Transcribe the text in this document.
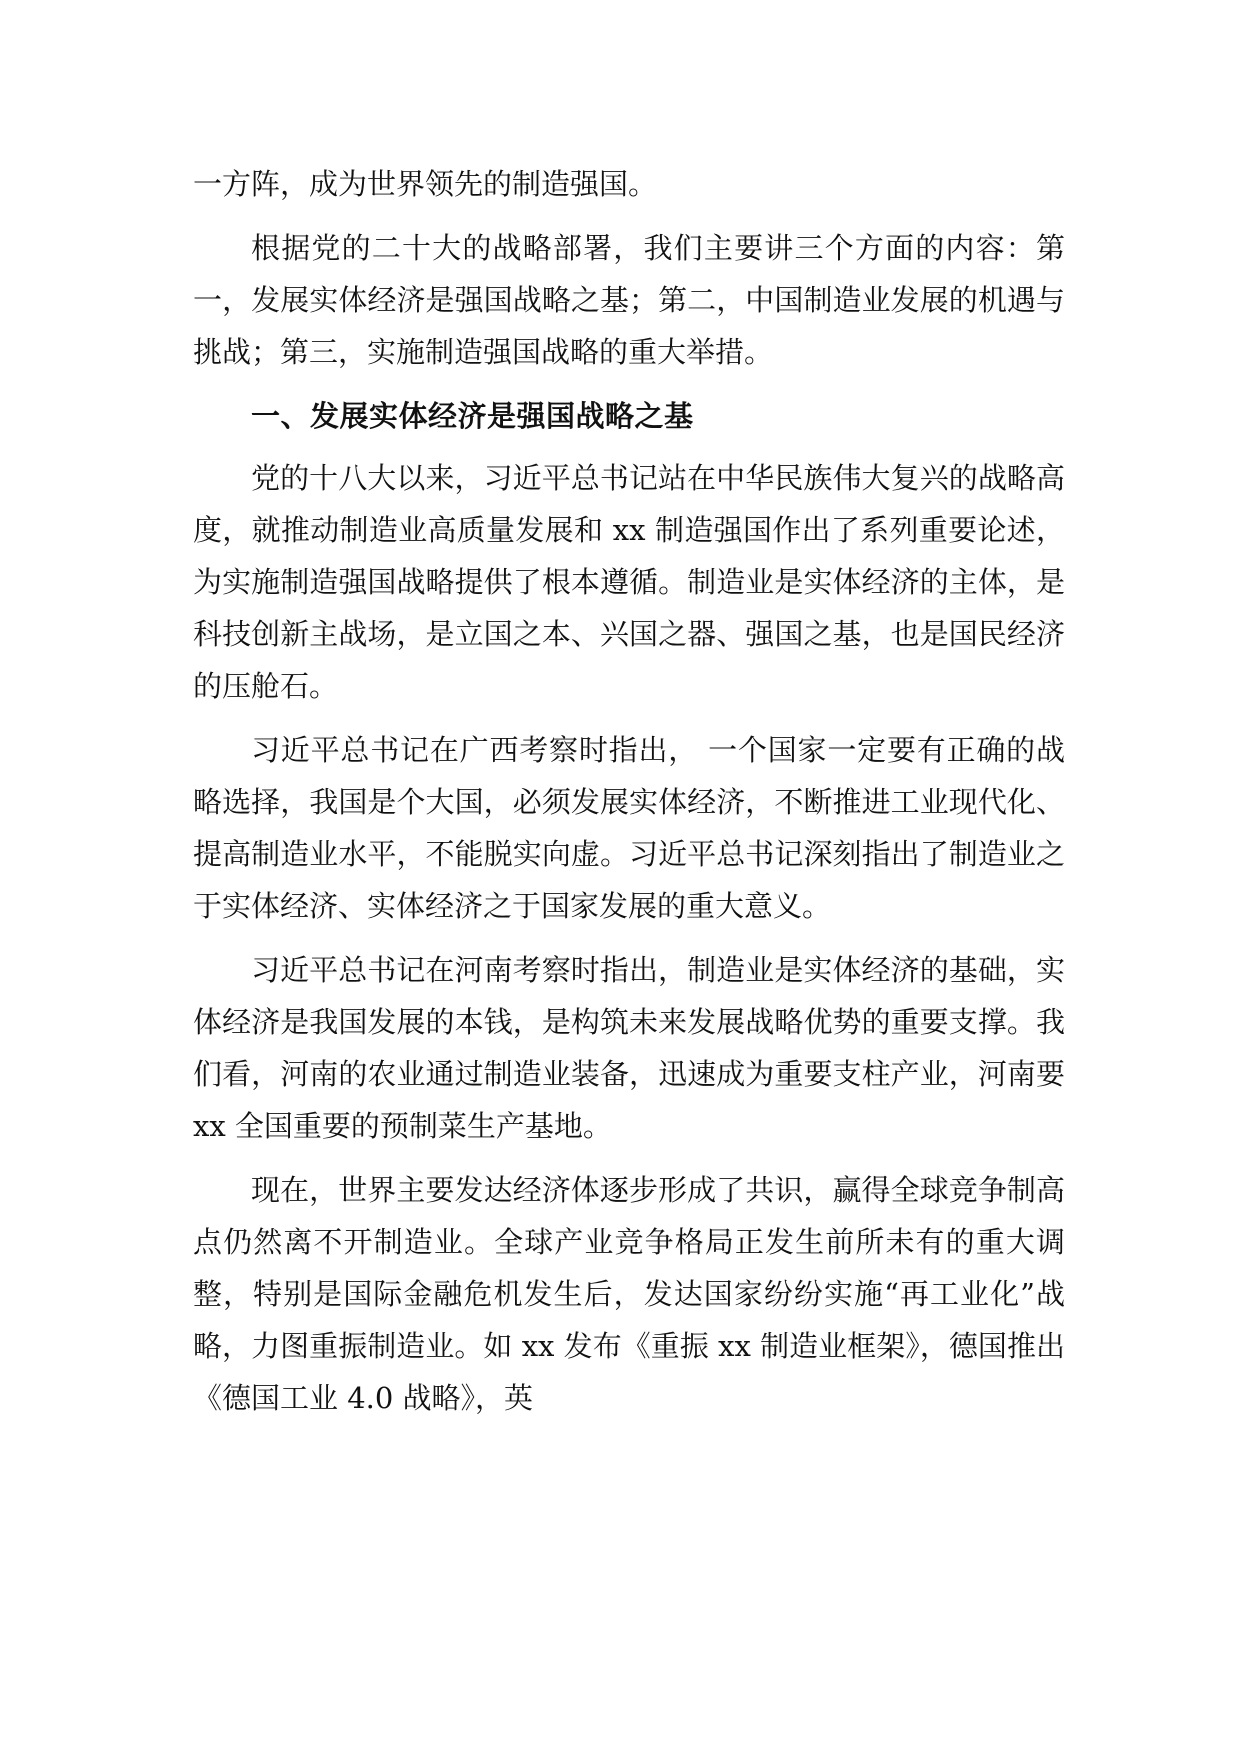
一方阵，成为世界领先的制造强国。

根据党的二十大的战略部署，我们主要讲三个方面的内容：第一，发展实体经济是强国战略之基；第二，中国制造业发展的机遇与挑战；第三，实施制造强国战略的重大举措。

一、发展实体经济是强国战略之基

党的十八大以来，习近平总书记站在中华民族伟大复兴的战略高度，就推动制造业高质量发展和 xx 制造强国作出了系列重要论述，为实施制造强国战略提供了根本遵循。制造业是实体经济的主体，是科技创新主战场，是立国之本、兴国之器、强国之基，也是国民经济的压舱石。

习近平总书记在广西考察时指出， 一个国家一定要有正确的战略选择，我国是个大国，必须发展实体经济，不断推进工业现代化、提高制造业水平，不能脱实向虚。习近平总书记深刻指出了制造业之于实体经济、实体经济之于国家发展的重大意义。

习近平总书记在河南考察时指出，制造业是实体经济的基础，实体经济是我国发展的本钱，是构筑未来发展战略优势的重要支撑。我们看，河南的农业通过制造业装备，迅速成为重要支柱产业，河南要xx 全国重要的预制菜生产基地。

现在，世界主要发达经济体逐步形成了共识，赢得全球竞争制高点仍然离不开制造业。全球产业竞争格局正发生前所未有的重大调整，特别是国际金融危机发生后，发达国家纷纷实施“再工业化”战略，力图重振制造业。如 xx 发布《重振 xx 制造业框架》，德国推出《德国工业 4.0 战略》，英
